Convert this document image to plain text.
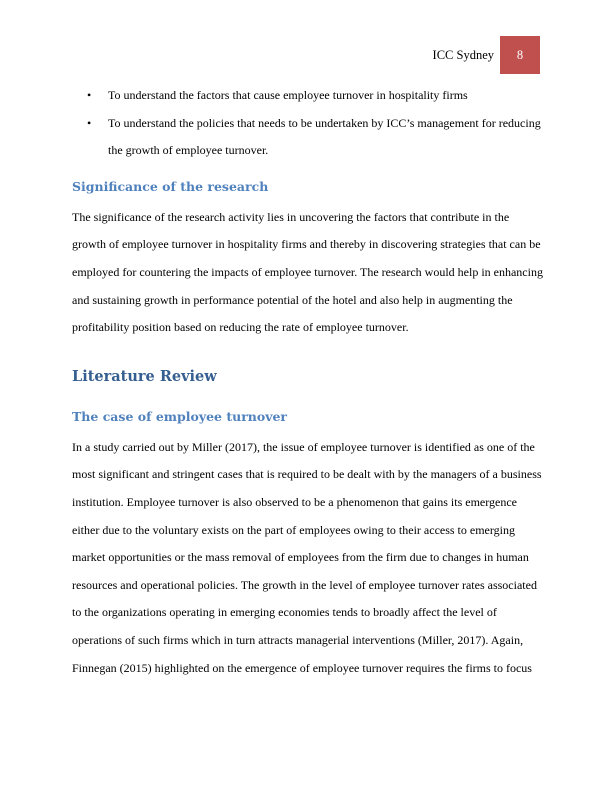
ICC Sydney	8
• To understand the factors that cause employee turnover in hospitality firms
• To understand the policies that needs to be undertaken by ICC’s management for reducing the growth of employee turnover.
Significance of the research

The significance of the research activity lies in uncovering the factors that contribute in the growth of employee turnover in hospitality firms and thereby in discovering strategies that can be employed for countering the impacts of employee turnover. The research would help in enhancing and sustaining growth in performance potential of the hotel and also help in augmenting the profitability position based on reducing the rate of employee turnover.

Literature Review
The case of employee turnover

In a study carried out by Miller (2017), the issue of employee turnover is identified as one of the most significant and stringent cases that is required to be dealt with by the managers of a business institution. Employee turnover is also observed to be a phenomenon that gains its emergence either due to the voluntary exists on the part of employees owing to their access to emerging market opportunities or the mass removal of employees from the firm due to changes in human resources and operational policies. The growth in the level of employee turnover rates associated to the organizations operating in emerging economies tends to broadly affect the level of operations of such firms which in turn attracts managerial interventions (Miller, 2017). Again, Finnegan (2015) highlighted on the emergence of employee turnover requires the firms to focus
